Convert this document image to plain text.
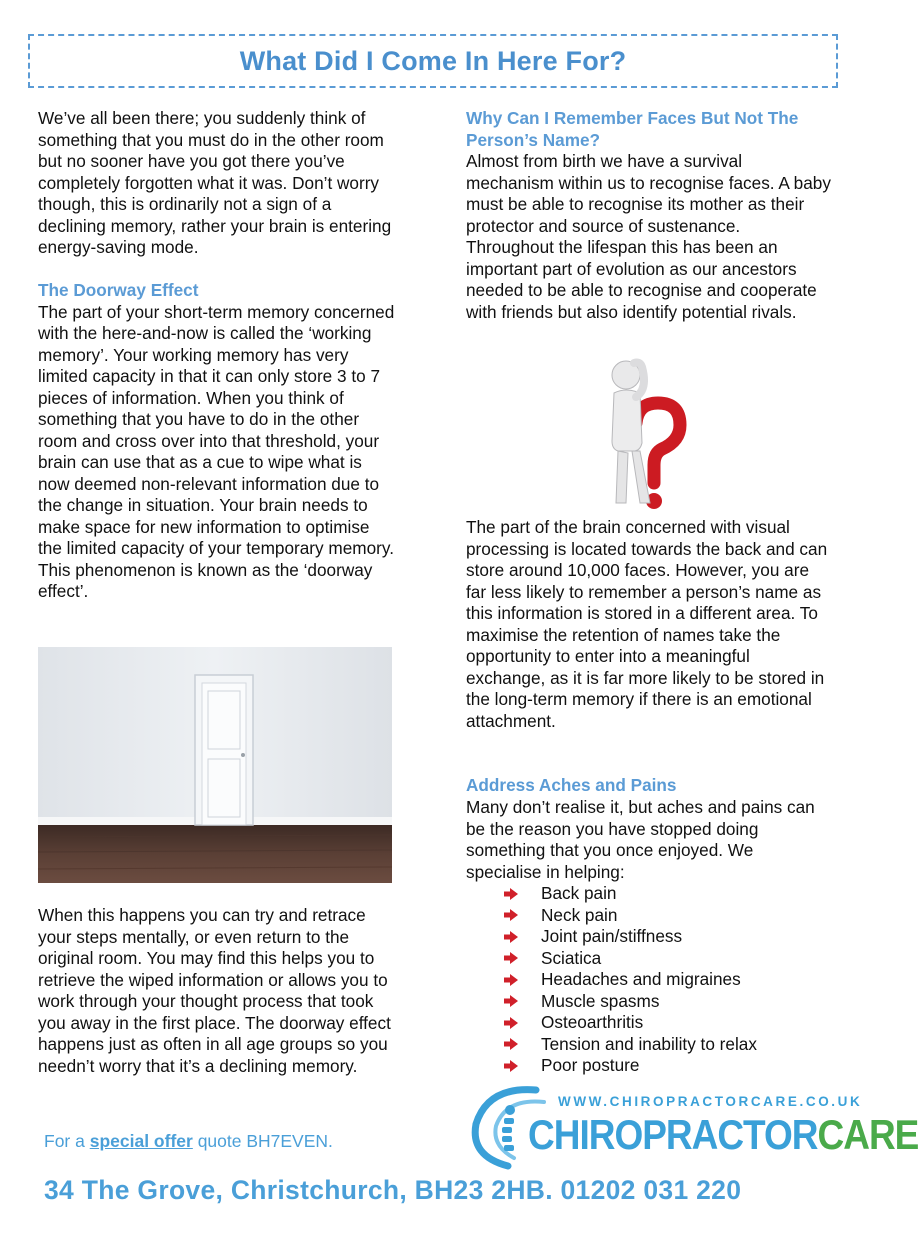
What Did I Come In Here For?

We’ve all been there; you suddenly think of something that you must do in the other room but no sooner have you got there you’ve completely forgotten what it was. Don’t worry though, this is ordinarily not a sign of a declining memory, rather your brain is entering energy-saving mode.

The Doorway Effect

The part of your short-term memory concerned with the here-and-now is called the ‘working memory’. Your working memory has very limited capacity in that it can only store 3 to 7 pieces of information. When you think of something that you have to do in the other room and cross over into that threshold, your brain can use that as a cue to wipe what is now deemed non-relevant information due to the change in situation. Your brain needs to make space for new information to optimise the limited capacity of your temporary memory. This phenomenon is known as the ‘doorway effect’.

When this happens you can try and retrace your steps mentally, or even return to the original room. You may find this helps you to retrieve the wiped information or allows you to work through your thought process that took you away in the first place. The doorway effect happens just as often in all age groups so you needn’t worry that it’s a declining memory.

Why Can I Remember Faces But Not The Person’s Name?

Almost from birth we have a survival mechanism within us to recognise faces. A baby must be able to recognise its mother as their protector and source of sustenance. Throughout the lifespan this has been an important part of evolution as our ancestors needed to be able to recognise and cooperate with friends but also identify potential rivals.

The part of the brain concerned with visual processing is located towards the back and can store around 10,000 faces. However, you are far less likely to remember a person’s name as this information is stored in a different area. To maximise the retention of names take the opportunity to enter into a meaningful exchange, as it is far more likely to be stored in the long-term memory if there is an emotional attachment.

Address Aches and Pains

Many don’t realise it, but aches and pains can be the reason you have stopped doing something that you once enjoyed. We specialise in helping:

Back pain
Neck pain
Joint pain/stiffness
Sciatica
Headaches and migraines
Muscle spasms
Osteoarthritis
Tension and inability to relax
Poor posture
For a special offer quote BH7EVEN.
WWW.CHIROPRACTORCARE.CO.UK
CHIROPRACTORCARE
34 The Grove, Christchurch, BH23 2HB. 01202 031 220
